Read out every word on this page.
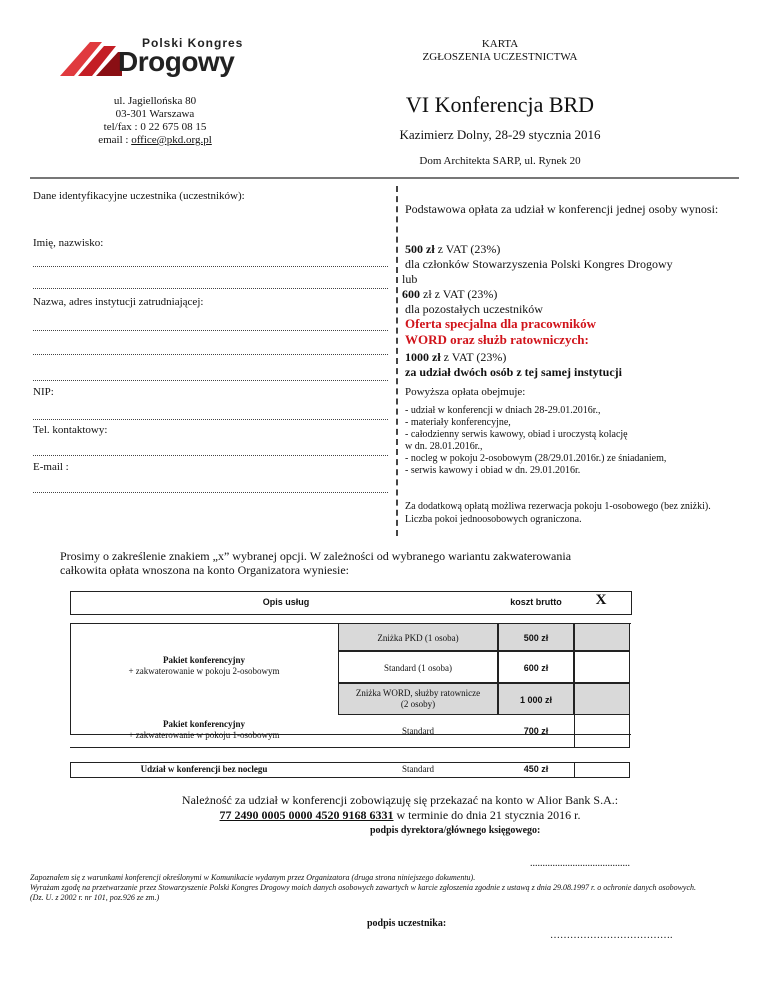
Polski Kongres
Drogowy
ul. Jagiellońska 80
03-301 Warszawa
tel/fax : 0 22 675 08 15
email : office@pkd.org.pl
KARTA
ZGŁOSZENIA UCZESTNICTWA
VI Konferencja BRD
Kazimierz Dolny, 28-29 stycznia 2016
Dom Architekta SARP, ul. Rynek 20
Dane identyfikacyjne uczestnika (uczestników):
Imię, nazwisko:
Nazwa, adres instytucji zatrudniającej:
NIP:
Tel. kontaktowy:
E-mail :
Podstawowa opłata za udział w konferencji jednej osoby wynosi:
500 zł z VAT (23%)
dla członków Stowarzyszenia Polski Kongres Drogowy
lub
600 zł z VAT (23%)
dla pozostałych uczestników
Oferta specjalna dla pracowników
WORD oraz służb ratowniczych:
1000 zł z VAT (23%)
za udział dwóch osób z tej samej instytucji
Powyższa opłata obejmuje:
- udział w konferencji w dniach 28-29.01.2016r.,
- materiały konferencyjne,
- całodzienny serwis kawowy, obiad i uroczystą kolację
w dn. 28.01.2016r.,
- nocleg w pokoju 2-osobowym (28/29.01.2016r.) ze śniadaniem,
- serwis kawowy i obiad w dn. 29.01.2016r.
Za dodatkową opłatą możliwa rezerwacja pokoju 1-osobowego (bez zniżki). Liczba pokoi jednoosobowych ograniczona.
Prosimy o zakreślenie znakiem „x” wybranej opcji. W zależności od wybranego wariantu zakwaterowania
całkowita opłata wnoszona na konto Organizatora wyniesie:
Opis usług	koszt brutto	X
Pakiet konferencyjny
+ zakwaterowanie w pokoju 2-osobowym
Zniżka PKD (1 osoba)	500 zł
Standard (1 osoba)	600 zł
Zniżka WORD, służby ratownicze
(2 osoby)	1 000 zł
Pakiet konferencyjny
+ zakwaterowanie w pokoju 1-osobowym	Standard	700 zł
Udział w konferencji bez noclegu	Standard	450 zł
Należność za udział w konferencji zobowiązuję się przekazać na konto w Alior Bank S.A.:
77 2490 0005 0000 4520 9168 6331 w terminie do dnia 21 stycznia 2016 r.
podpis dyrektora/głównego księgowego:
........................................
Zapoznałem się z warunkami konferencji określonymi w Komunikacie wydanym przez Organizatora (druga strona niniejszego dokumentu).
Wyrażam zgodę na przetwarzanie przez Stowarzyszenie Polski Kongres Drogowy moich danych osobowych zawartych w karcie zgłoszenia zgodnie z ustawą z dnia 29.08.1997 r. o ochronie danych osobowych.
(Dz. U. z 2002 r. nr 101, poz.926 ze zm.)
podpis uczestnika:
……………………………….
